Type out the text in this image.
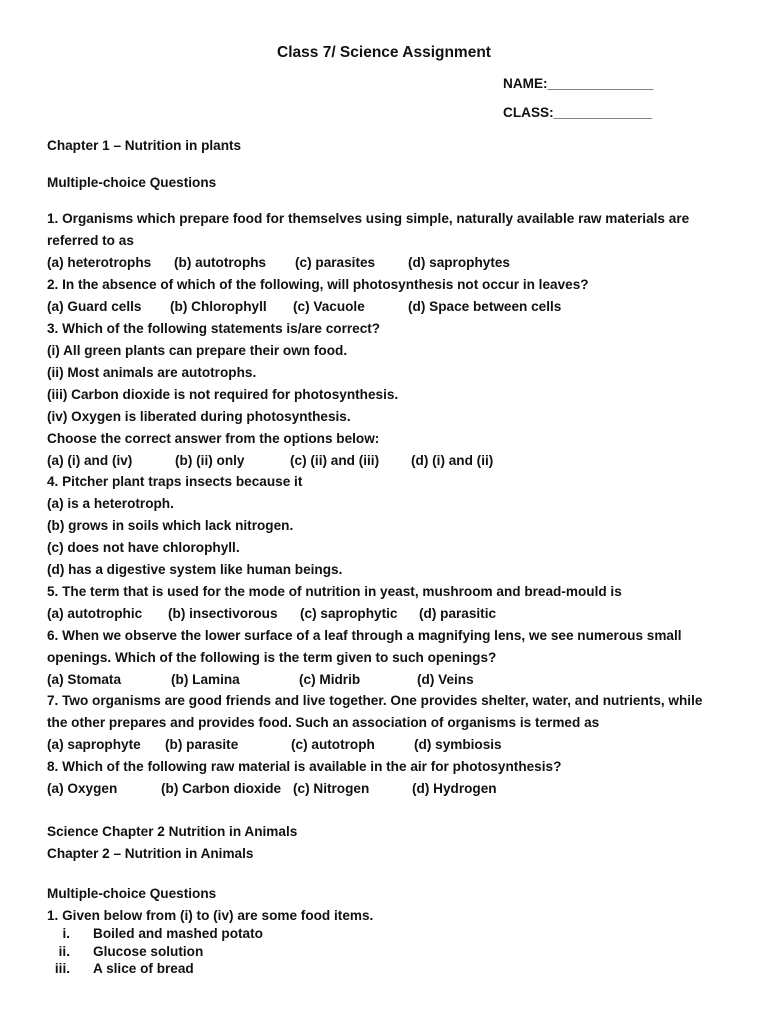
Class 7/ Science Assignment
NAME:______________
CLASS:_____________
Chapter 1 – Nutrition in plants
Multiple-choice Questions
1. Organisms which prepare food for themselves using simple, naturally available raw materials are
referred to as
(a) heterotrophs (b) autotrophs (c) parasites (d) saprophytes
2. In the absence of which of the following, will photosynthesis not occur in leaves?
(a) Guard cells (b) Chlorophyll (c) Vacuole	(d) Space between cells
3. Which of the following statements is/are correct?
(i) All green plants can prepare their own food.
(ii) Most animals are autotrophs.
(iii) Carbon dioxide is not required for photosynthesis.
(iv) Oxygen is liberated during photosynthesis.
Choose the correct answer from the options below:
(a) (i) and (iv)	(b) (ii) only	(c) (ii) and (iii) (d) (i) and (ii)
4. Pitcher plant traps insects because it
(a) is a heterotroph.
(b) grows in soils which lack nitrogen.
(c) does not have chlorophyll.
(d) has a digestive system like human beings.
5. The term that is used for the mode of nutrition in yeast, mushroom and bread-mould is
(a) autotrophic (b) insectivorous (c) saprophytic (d) parasitic
6. When we observe the lower surface of a leaf through a magnifying lens, we see numerous small
openings. Which of the following is the term given to such openings?
(a) Stomata	(b) Lamina	(c) Midrib	(d) Veins
7. Two organisms are good friends and live together. One provides shelter, water, and nutrients, while
the other prepares and provides food. Such an association of organisms is termed as
(a) saprophyte (b) parasite	(c) autotroph	(d) symbiosis
8. Which of the following raw material is available in the air for photosynthesis?
(a) Oxygen	(b) Carbon dioxide (c) Nitrogen	(d) Hydrogen
Science Chapter 2 Nutrition in Animals
Chapter 2 – Nutrition in Animals
Multiple-choice Questions
1. Given below from (i) to (iv) are some food items.
i. Boiled and mashed potato
ii. Glucose solution
iii. A slice of bread
